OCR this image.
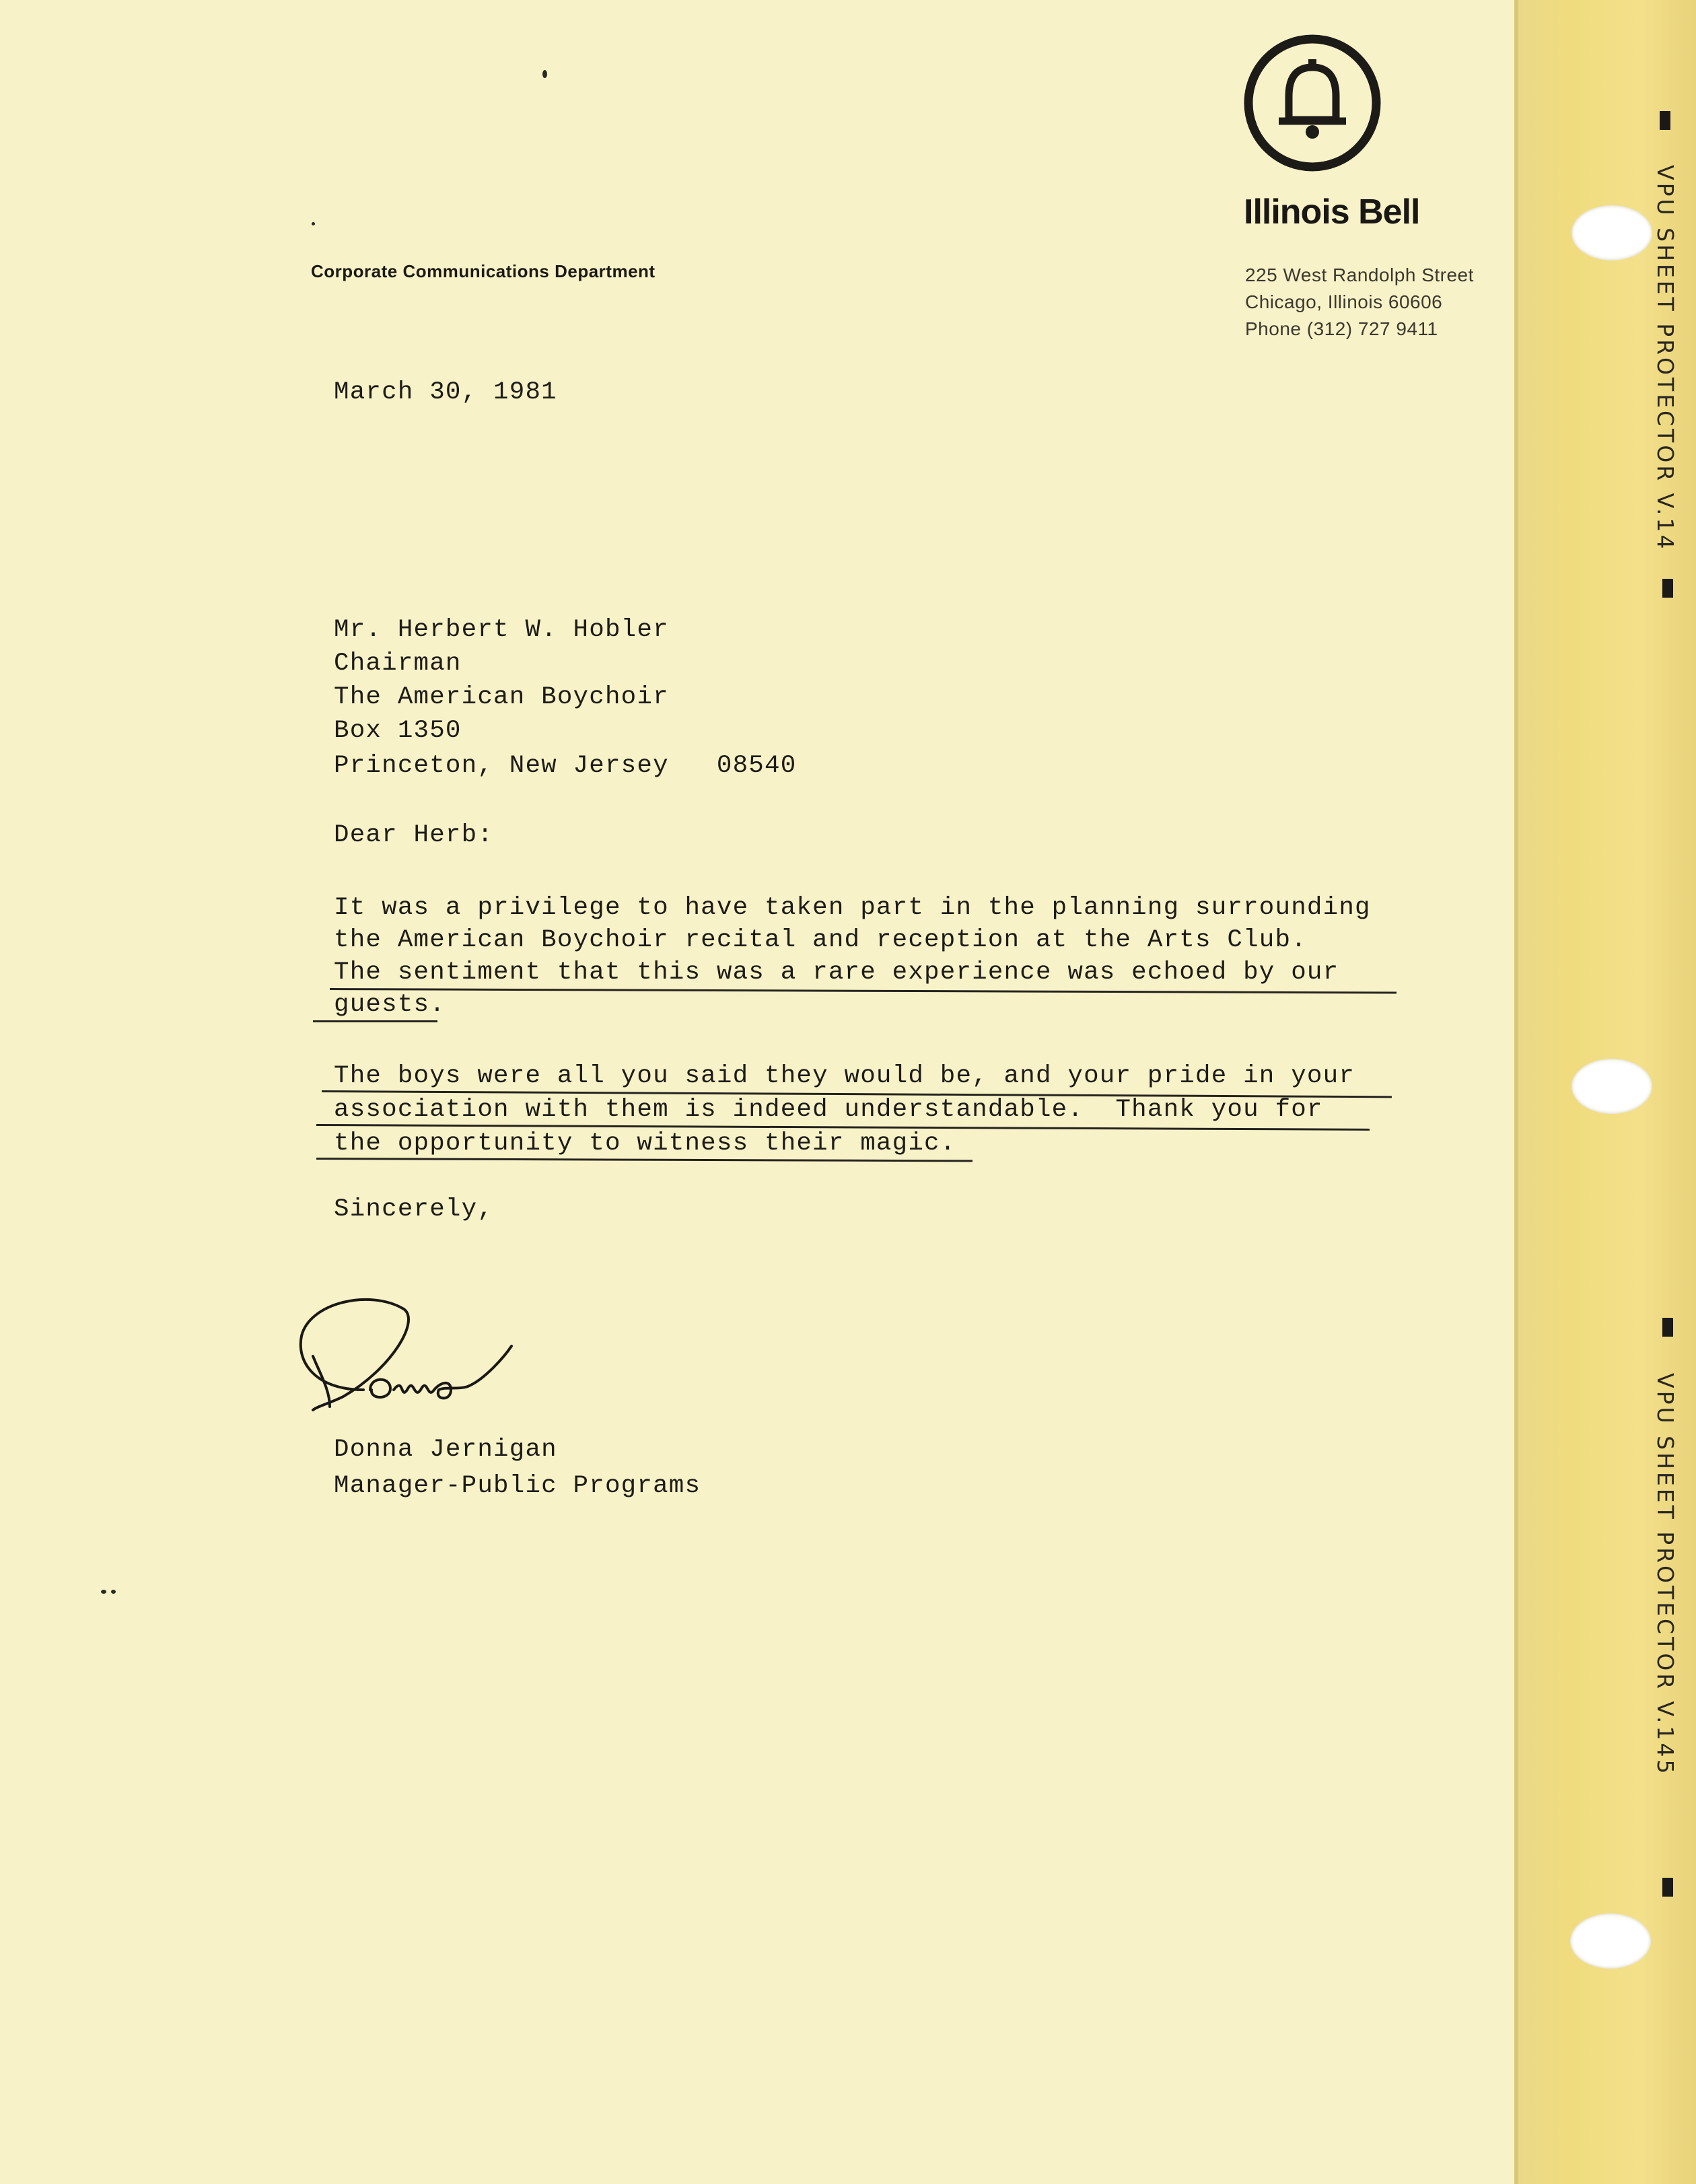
Illinois Bell
225 West Randolph Street
Chicago, Illinois 60606
Phone (312) 727 9411
Corporate Communications Department
March 30, 1981
Mr. Herbert W. Hobler
Chairman
The American Boychoir
Box 1350
Princeton, New Jersey   08540
Dear Herb:
It was a privilege to have taken part in the planning surrounding
the American Boychoir recital and reception at the Arts Club.
The sentiment that this was a rare experience was echoed by our
guests.
The boys were all you said they would be, and your pride in your
association with them is indeed understandable.  Thank you for
the opportunity to witness their magic.
Sincerely,
Donna Jernigan
Manager-Public Programs
VPU SHEET PROTECTOR V.14
VPU SHEET PROTECTOR V.145
